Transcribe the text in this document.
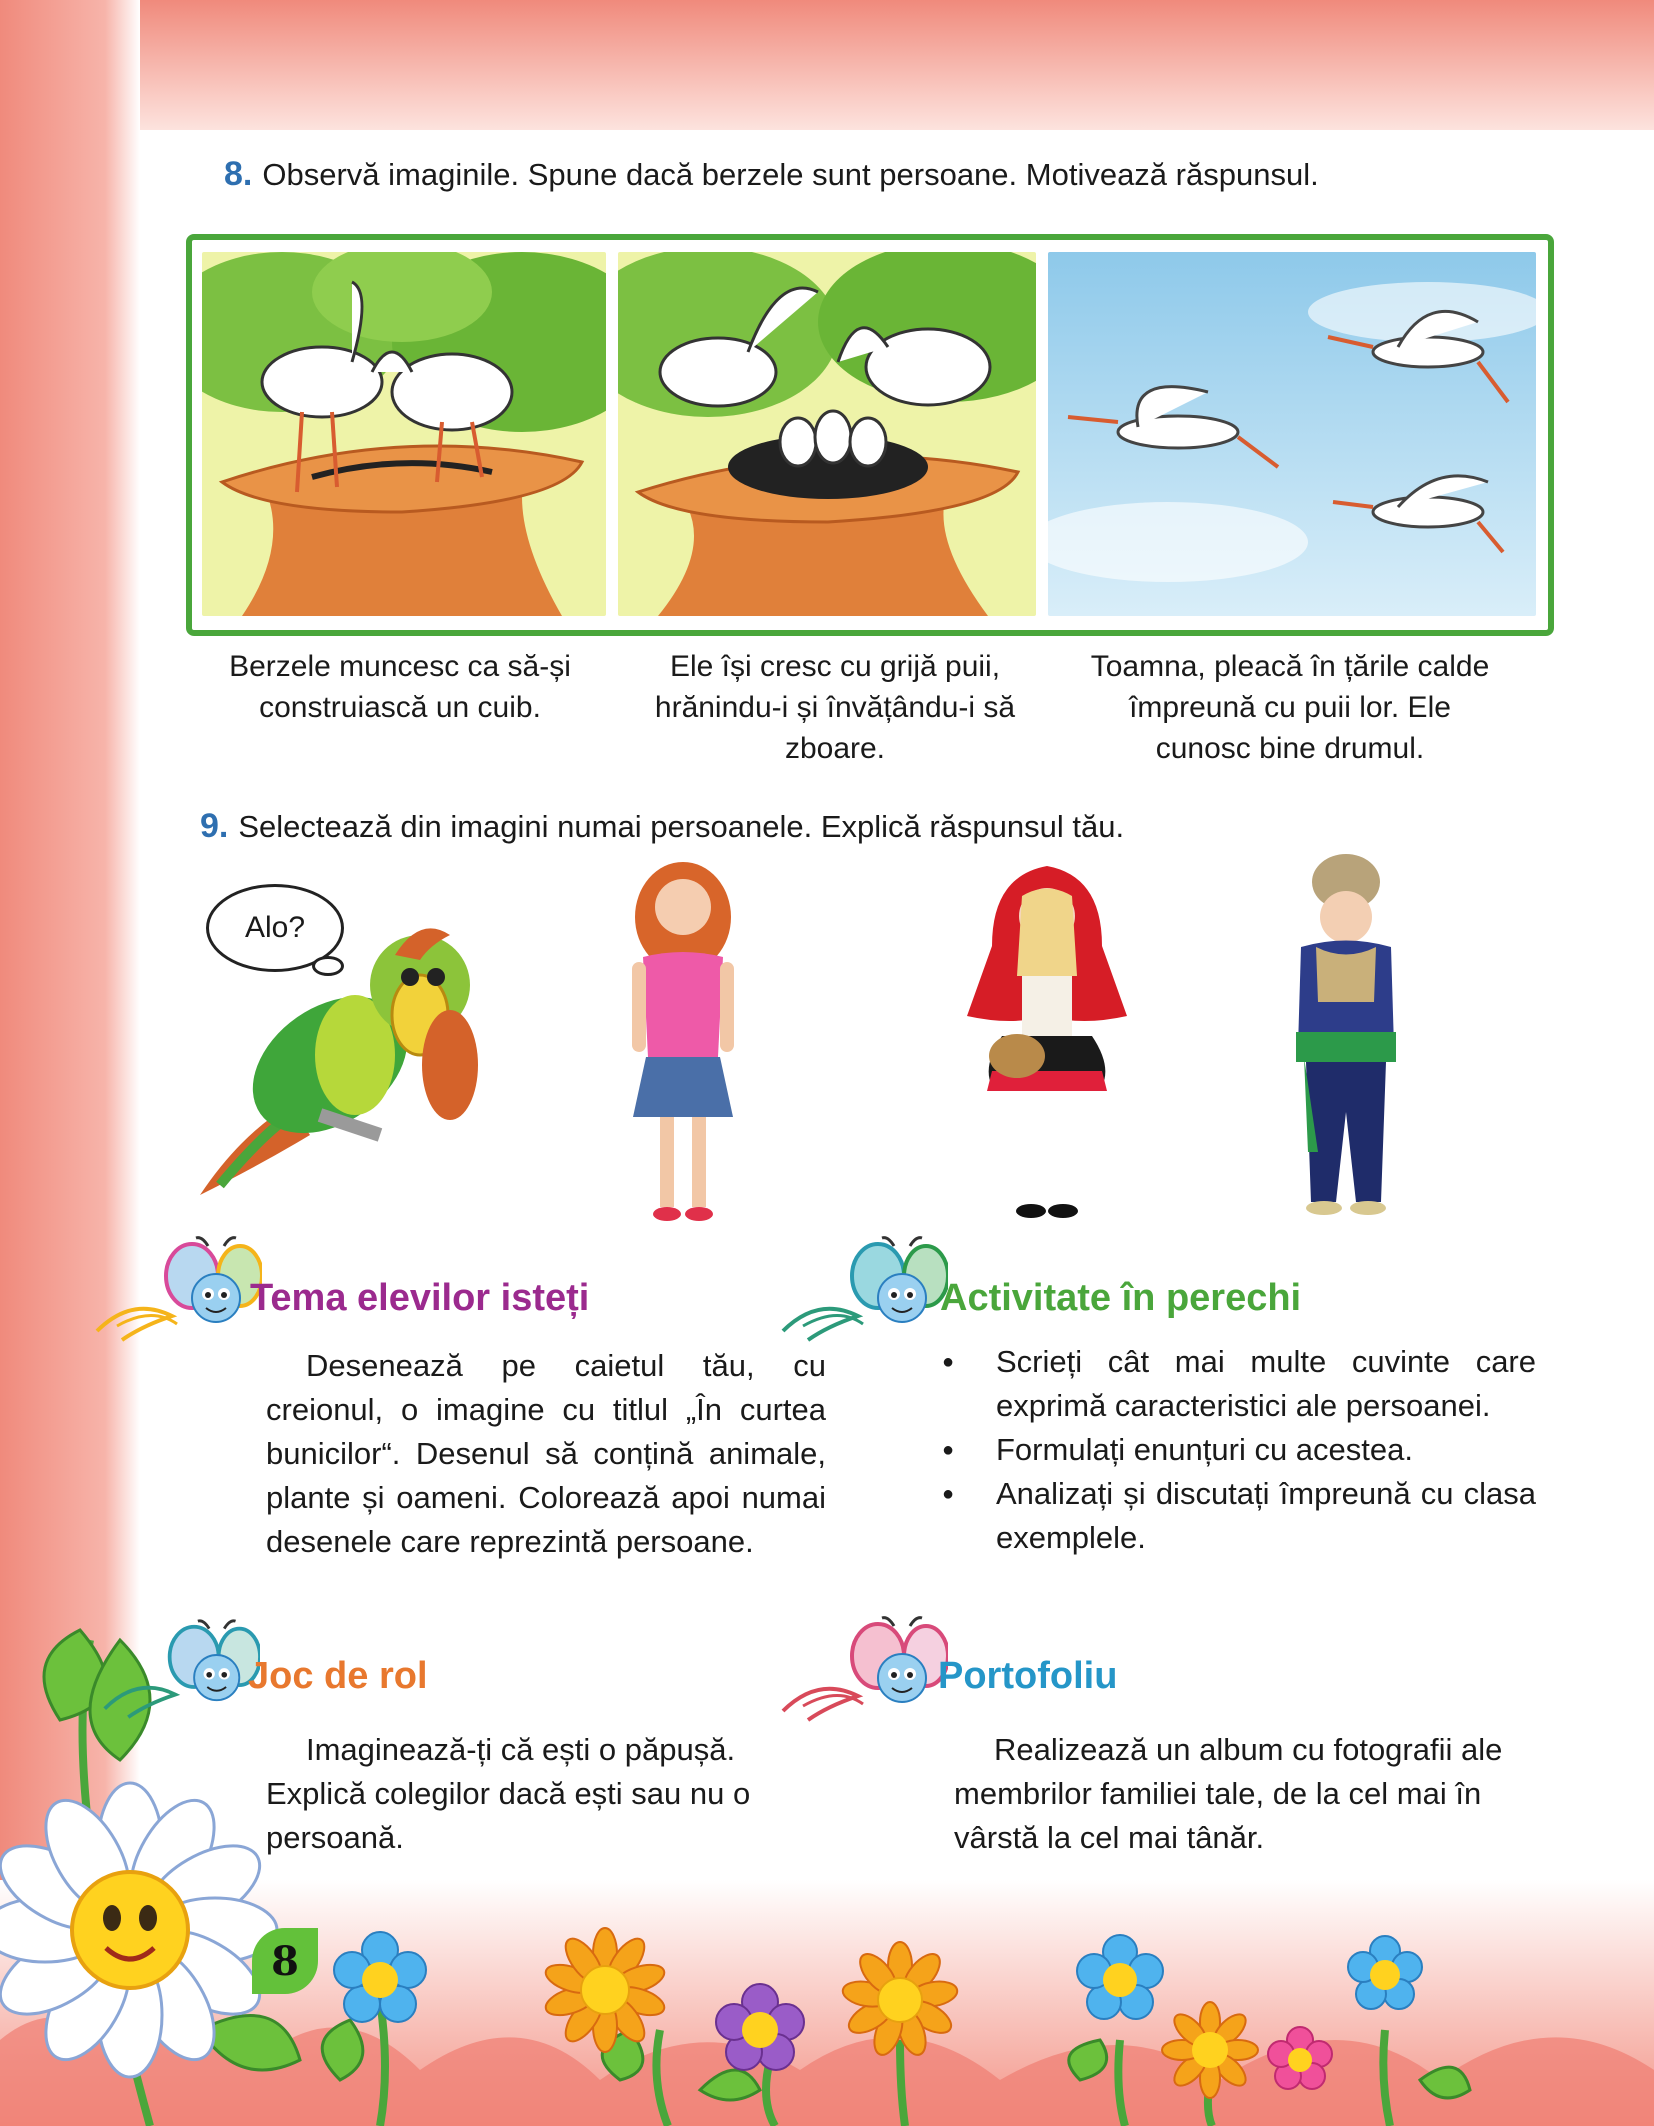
8. Observă imaginile. Spune dacă berzele sunt persoane. Motivează răspunsul.
Berzele muncesc ca să-și construiască un cuib.
Ele își cresc cu grijă puii, hrănindu-i și învățându-i să zboare.
Toamna, pleacă în țările calde împreună cu puii lor. Ele cunosc bine drumul.
9. Selectează din imagini numai persoanele. Explică răspunsul tău.
Alo?
Tema elevilor isteți

Desenează pe caietul tău, cu creionul, o imagine cu titlul „În curtea bunicilor“. Desenul să conțină animale, plante și oameni. Colorează apoi numai desenele care reprezintă persoane.

Activitate în perechi
● Scrieți cât mai multe cuvinte care exprimă caracteristici ale persoanei.
● Formulați enunțuri cu acestea.
● Analizați și discutați împreună cu clasa exemplele.
Joc de rol

Imaginează-ți că ești o păpușă. Explică colegilor dacă ești sau nu o persoană.

Portofoliu

Realizează un album cu fotografii ale membrilor familiei tale, de la cel mai în vârstă la cel mai tânăr.

8
